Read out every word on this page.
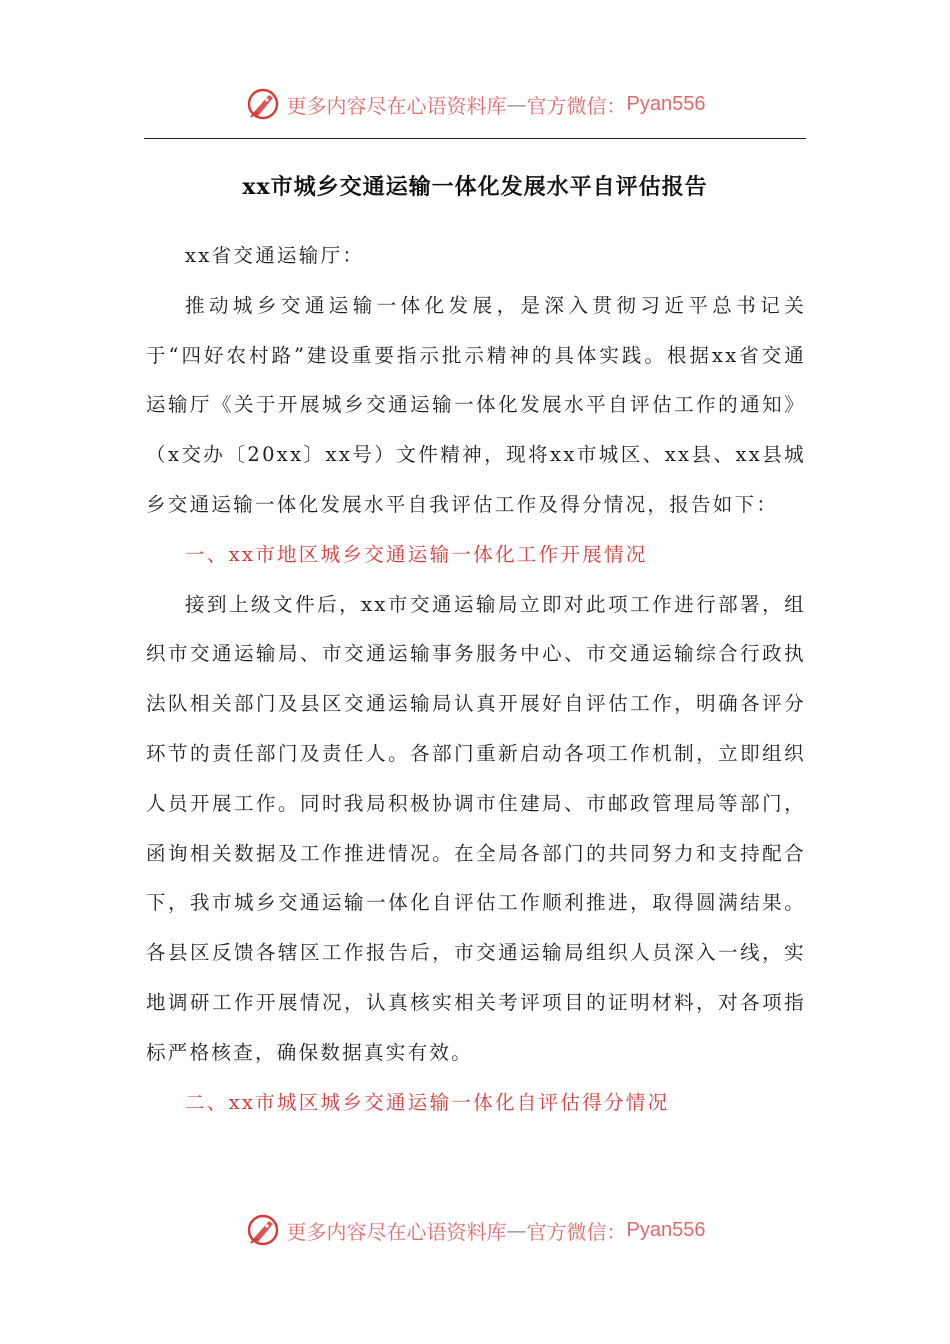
更多内容尽在心语资料库 — 官方微信： Pyan556
xx市城乡交通运输一体化发展水平自评估报告

xx省交通运输厅：

推动城乡交通运输一体化发展，是深入贯彻习近平总书记关于“四好农村路”建设重要指示批示精神的具体实践。根据xx省交通运输厅《关于开展城乡交通运输一体化发展水平自评估工作的通知》（x交办〔20xx〕xx号）文件精神，现将xx市城区、xx县、xx县城乡交通运输一体化发展水平自我评估工作及得分情况，报告如下：

一、xx市地区城乡交通运输一体化工作开展情况

接到上级文件后，xx市交通运输局立即对此项工作进行部署，组织市交通运输局、市交通运输事务服务中心、市交通运输综合行政执法队相关部门及县区交通运输局认真开展好自评估工作，明确各评分环节的责任部门及责任人。各部门重新启动各项工作机制，立即组织人员开展工作。同时我局积极协调市住建局、市邮政管理局等部门，函询相关数据及工作推进情况。在全局各部门的共同努力和支持配合下，我市城乡交通运输一体化自评估工作顺利推进，取得圆满结果。各县区反馈各辖区工作报告后，市交通运输局组织人员深入一线，实地调研工作开展情况，认真核实相关考评项目的证明材料，对各项指标严格核查，确保数据真实有效。

二、xx市城区城乡交通运输一体化自评估得分情况

更多内容尽在心语资料库 — 官方微信： Pyan556
